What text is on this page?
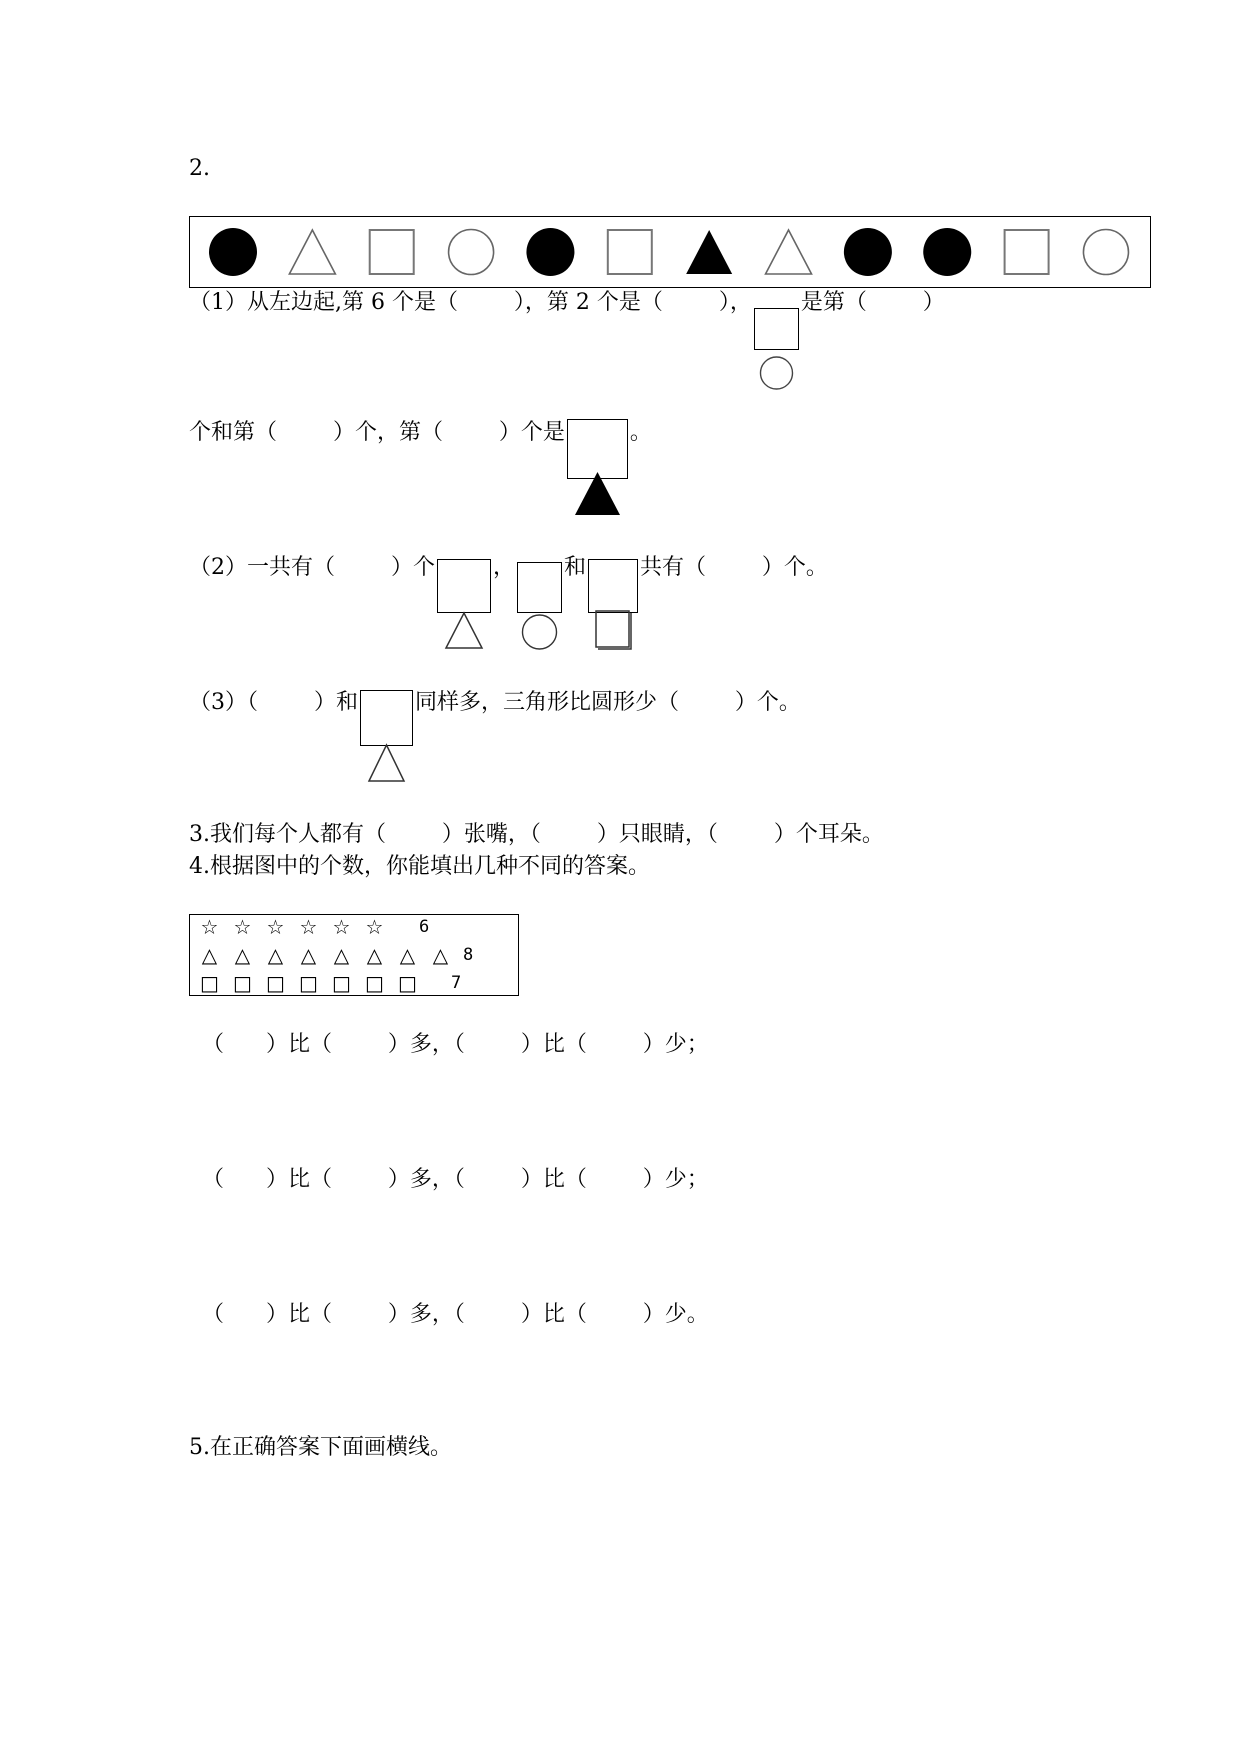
2.
（1）从左边起,第 6 个是（        ），第 2 个是（        ），

是第（        ）
个和第（        ）个，第（        ）个是

	。
（2）一共有（        ）个

	，

和

共有（        ）个。
（3）（        ）和

	同样多，三角形比圆形少（        ）个。
3.我们每个人都有（        ）张嘴，（        ）只眼睛，（        ）个耳朵。
4.根据图中的个数，你能填出几种不同的答案。
☆ ☆ ☆ ☆ ☆ ☆	6
△ △ △ △ △ △ △ △ 8
□ □ □ □ □ □ □	7
（      ）比（        ）多，（        ）比（        ）少；
（      ）比（        ）多，（        ）比（        ）少；
（      ）比（        ）多，（        ）比（        ）少。
5.在正确答案下面画横线。
